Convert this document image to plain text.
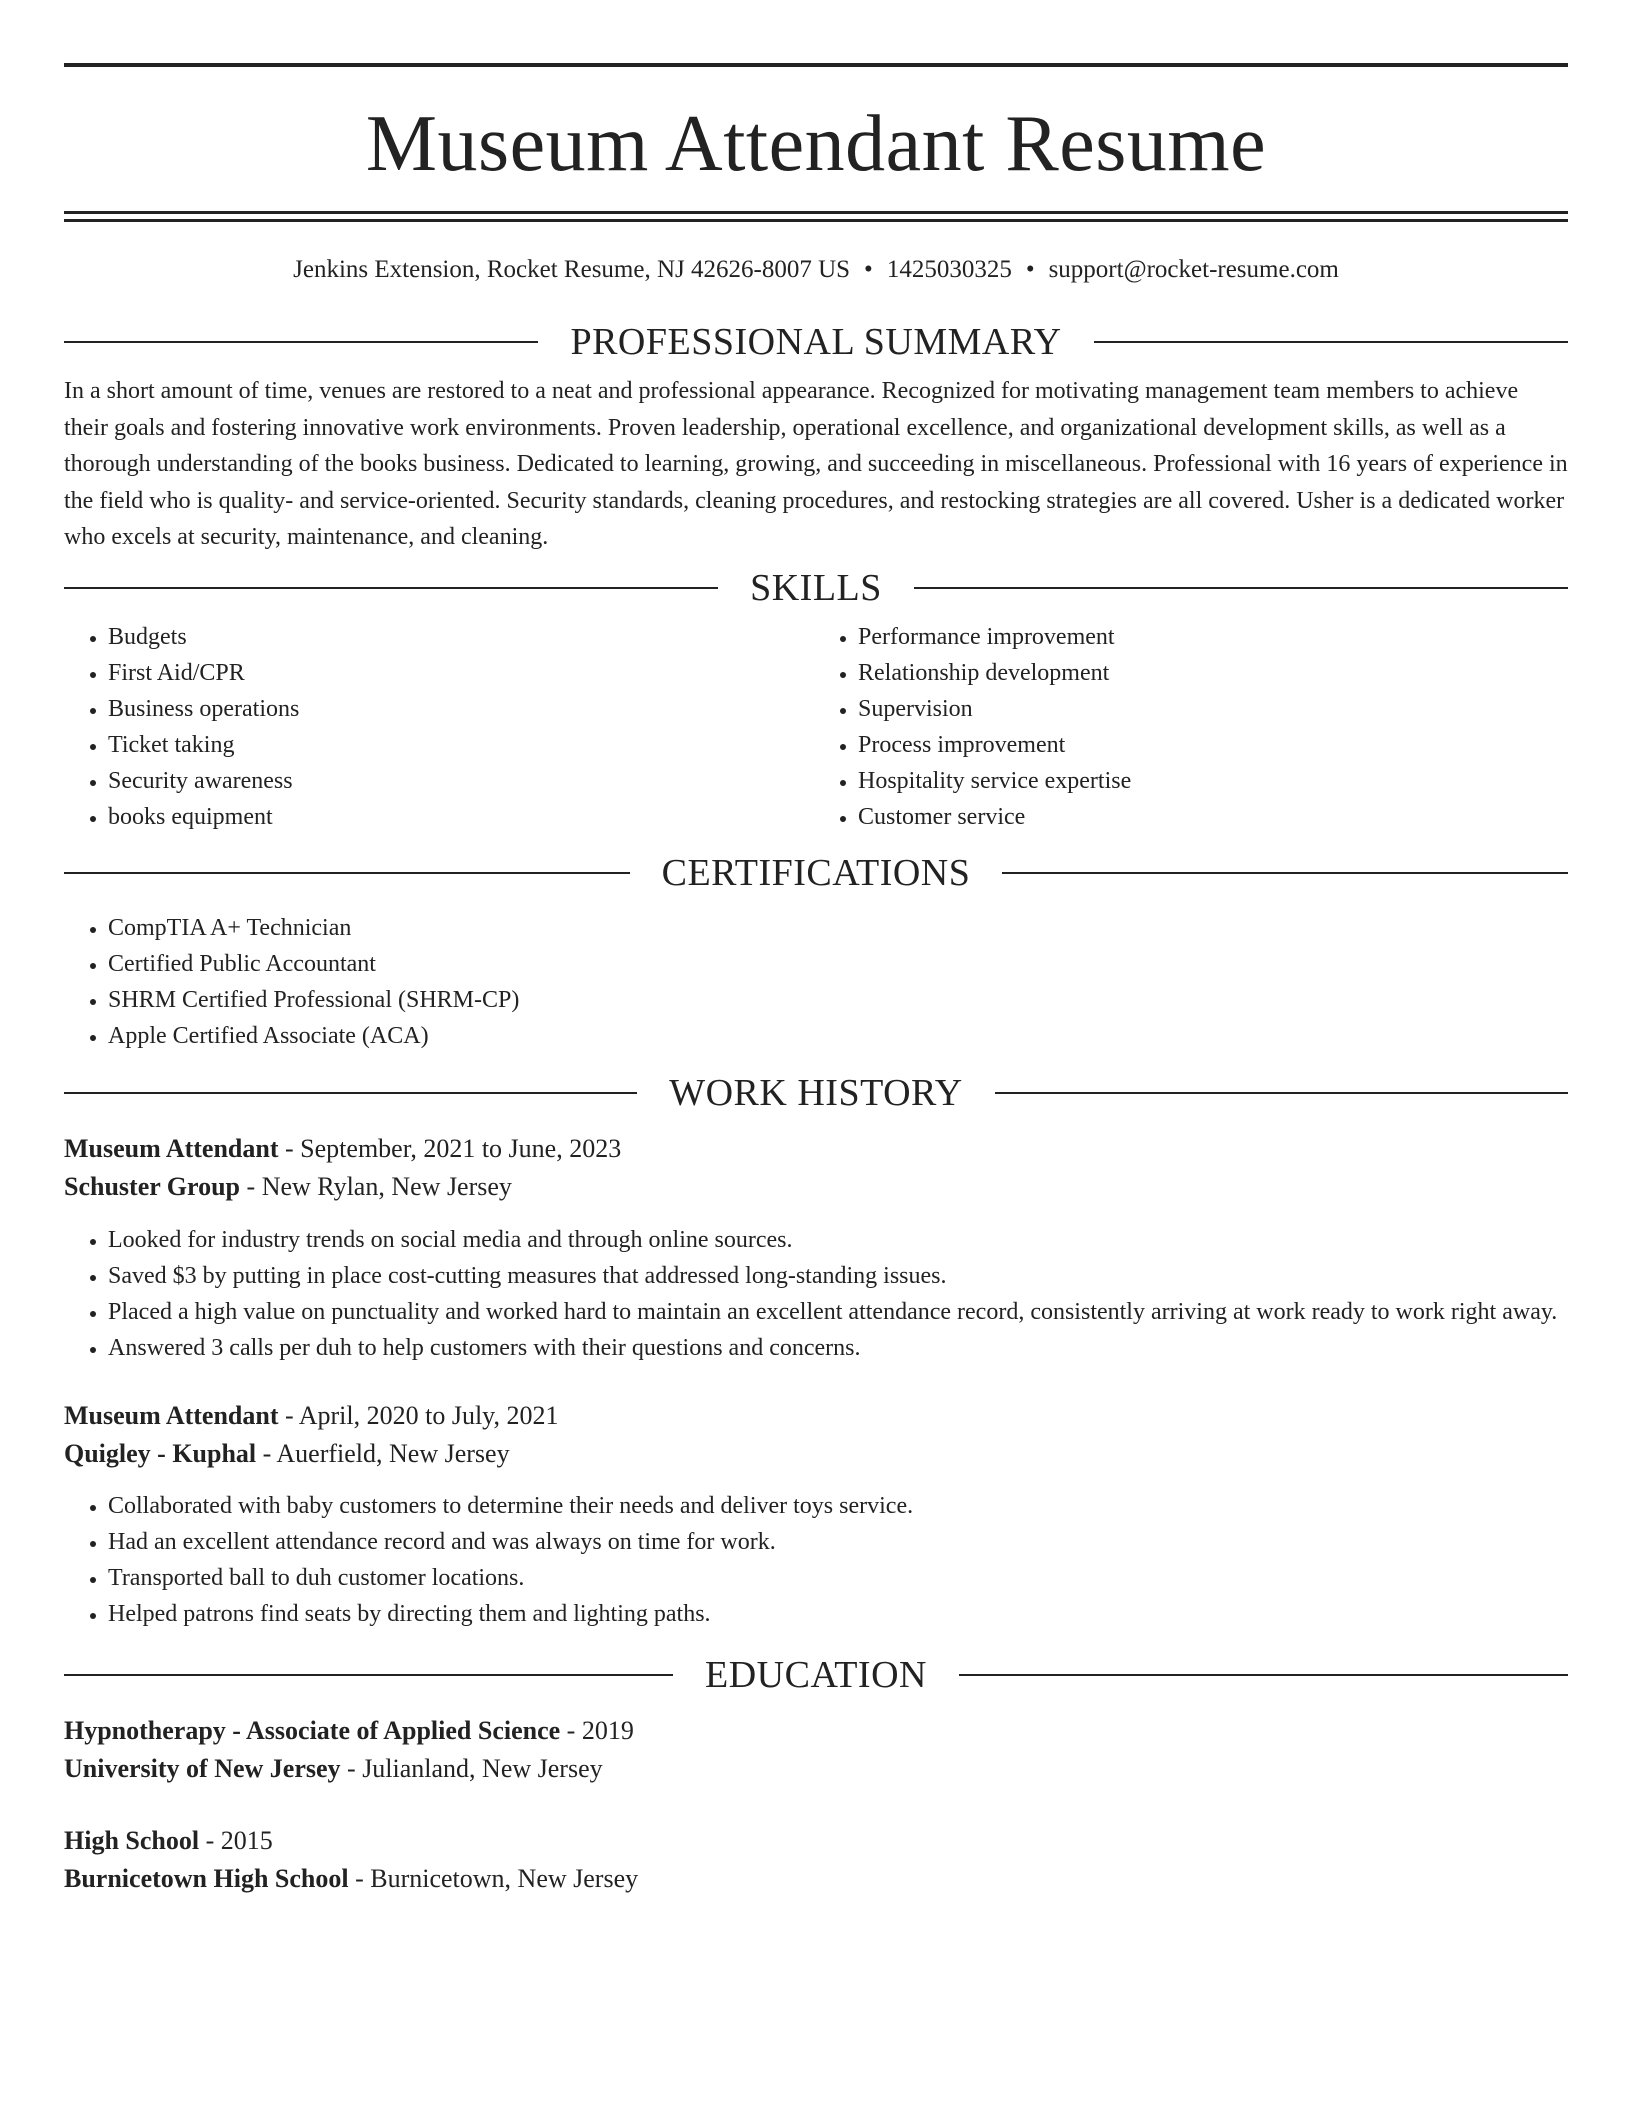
Museum Attendant Resume
Jenkins Extension, Rocket Resume, NJ 42626-8007 US • 1425030325 • support@rocket-resume.com
PROFESSIONAL SUMMARY

In a short amount of time, venues are restored to a neat and professional appearance. Recognized for motivating management team members to achieve their goals and fostering innovative work environments. Proven leadership, operational excellence, and organizational development skills, as well as a thorough understanding of the books business. Dedicated to learning, growing, and succeeding in miscellaneous. Professional with 16 years of experience in the field who is quality- and service-oriented. Security standards, cleaning procedures, and restocking strategies are all covered. Usher is a dedicated worker who excels at security, maintenance, and cleaning.

SKILLS
• Budgets
• First Aid/CPR
• Business operations
• Ticket taking
• Security awareness
• books equipment
• Performance improvement
• Relationship development
• Supervision
• Process improvement
• Hospitality service expertise
• Customer service
CERTIFICATIONS
• CompTIA A+ Technician
• Certified Public Accountant
• SHRM Certified Professional (SHRM-CP)
• Apple Certified Associate (ACA)
WORK HISTORY
Museum Attendant - September, 2021 to June, 2023
Schuster Group - New Rylan, New Jersey
• Looked for industry trends on social media and through online sources.
• Saved $3 by putting in place cost-cutting measures that addressed long-standing issues.
• Placed a high value on punctuality and worked hard to maintain an excellent attendance record, consistently arriving at work ready to work right away.
• Answered 3 calls per duh to help customers with their questions and concerns.
Museum Attendant - April, 2020 to July, 2021
Quigley - Kuphal - Auerfield, New Jersey
• Collaborated with baby customers to determine their needs and deliver toys service.
• Had an excellent attendance record and was always on time for work.
• Transported ball to duh customer locations.
• Helped patrons find seats by directing them and lighting paths.
EDUCATION
Hypnotherapy - Associate of Applied Science - 2019
University of New Jersey - Julianland, New Jersey
High School - 2015
Burnicetown High School - Burnicetown, New Jersey
